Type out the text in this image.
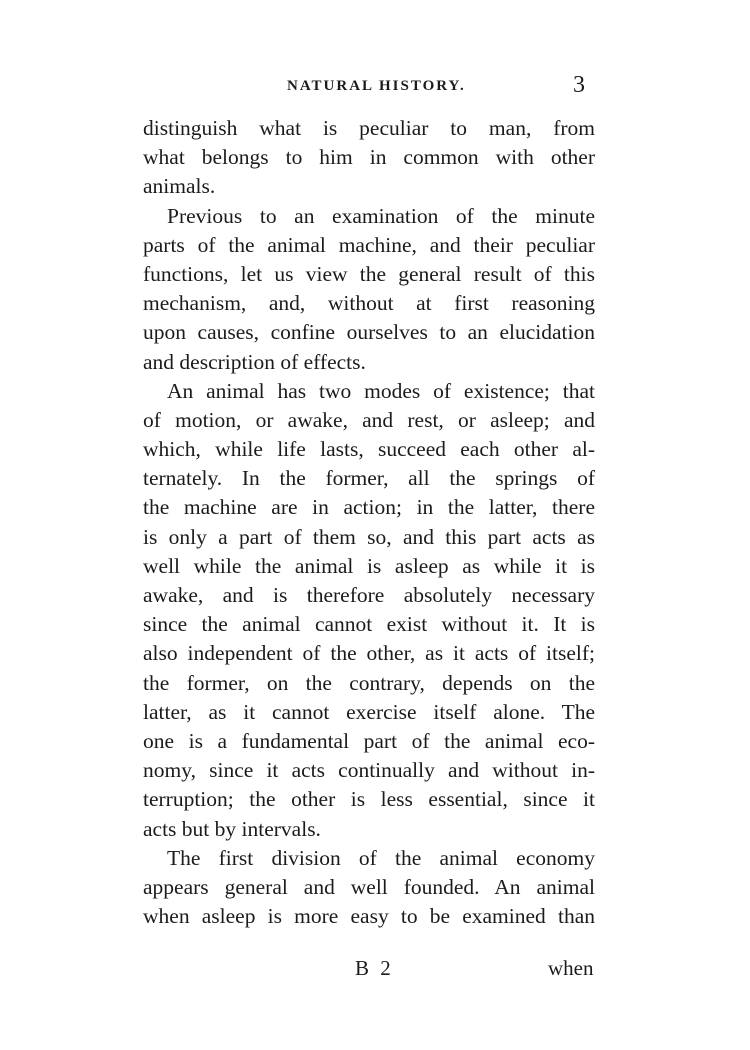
NATURAL HISTORY.	3
distinguish what is peculiar to man, from
what belongs to him in common with other
animals.
Previous to an examination of the minute
parts of the animal machine, and their peculiar
functions, let us view the general result of this
mechanism, and, without at first reasoning
upon causes, confine ourselves to an elucidation
and description of effects.
An animal has two modes of existence; that
of motion, or awake, and rest, or asleep; and
which, while life lasts, succeed each other al-
ternately. In the former, all the springs of
the machine are in action; in the latter, there
is only a part of them so, and this part acts as
well while the animal is asleep as while it is
awake, and is therefore absolutely necessary
since the animal cannot exist without it. It is
also independent of the other, as it acts of itself;
the former, on the contrary, depends on the
latter, as it cannot exercise itself alone. The
one is a fundamental part of the animal eco-
nomy, since it acts continually and without in-
terruption; the other is less essential, since it
acts but by intervals.
The first division of the animal economy
appears general and well founded. An animal
when asleep is more easy to be examined than
B 2	when
